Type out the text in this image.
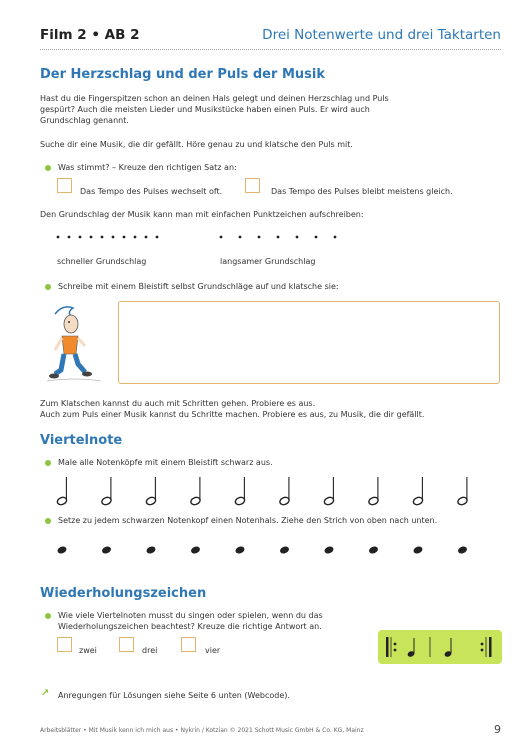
Film 2 • AB 2	Drei Notenwerte und drei Taktarten
Der Herzschlag und der Puls der Musik
Hast du die Fingerspitzen schon an deinen Hals gelegt und deinen Herzschlag und Puls
gespürt? Auch die meisten Lieder und Musikstücke haben einen Puls. Er wird auch
Grundschlag genannt.
Suche dir eine Musik, die dir gefällt. Höre genau zu und klatsche den Puls mit.
Was stimmt? – Kreuze den richtigen Satz an:
Das Tempo des Pulses wechselt oft.	Das Tempo des Pulses bleibt meistens gleich.
Den Grundschlag der Musik kann man mit einfachen Punktzeichen aufschreiben:
schneller Grundschlag	langsamer Grundschlag
Schreibe mit einem Bleistift selbst Grundschläge auf und klatsche sie:
Zum Klatschen kannst du auch mit Schritten gehen. Probiere es aus.
Auch zum Puls einer Musik kannst du Schritte machen. Probiere es aus, zu Musik, die dir gefällt.
Viertelnote
Male alle Notenköpfe mit einem Bleistift schwarz aus.
Setze zu jedem schwarzen Notenkopf einen Notenhals. Ziehe den Strich von oben nach unten.
Wiederholungszeichen
Wie viele Viertelnoten musst du singen oder spielen, wenn du das
Wiederholungszeichen beachtest? Kreuze die richtige Antwort an.
zwei	drei	vier
↗ Anregungen für Lösungen siehe Seite 6 unten (Webcode).
Arbeitsblätter • Mit Musik kenn ich mich aus • Nykrin / Kotzian © 2021 Schott Music GmbH & Co. KG, Mainz	9
